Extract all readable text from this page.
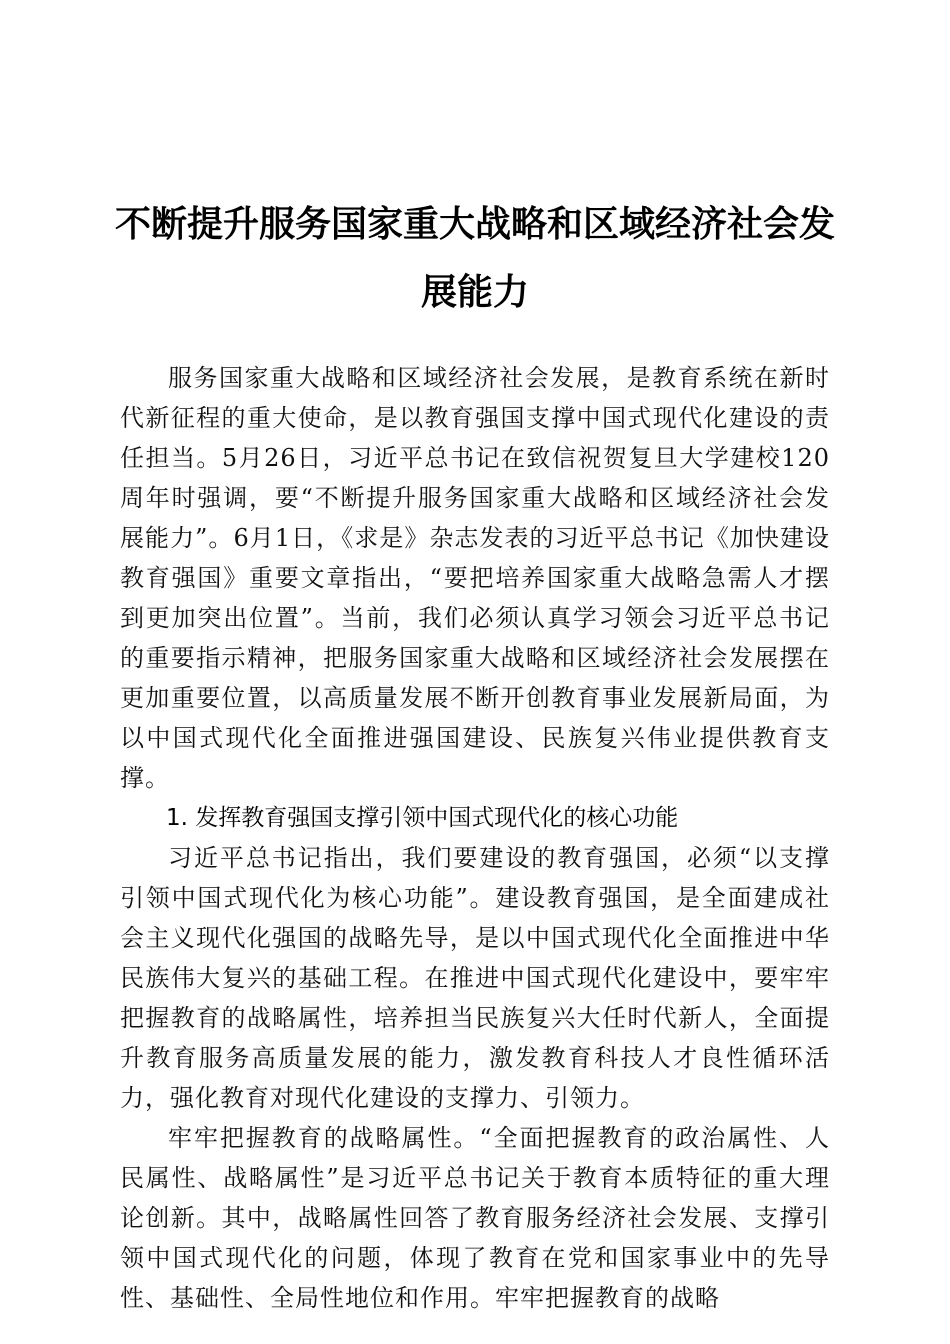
不断提升服务国家重大战略和区域经济社会发展能力

服务国家重大战略和区域经济社会发展，是教育系统在新时代新征程的重大使命，是以教育强国支撑中国式现代化建设的责任担当。5月26日，习近平总书记在致信祝贺复旦大学建校120周年时强调，要“不断提升服务国家重大战略和区域经济社会发展能力”。6月1日，《求是》杂志发表的习近平总书记《加快建设教育强国》重要文章指出，“要把培养国家重大战略急需人才摆到更加突出位置”。当前，我们必须认真学习领会习近平总书记的重要指示精神，把服务国家重大战略和区域经济社会发展摆在更加重要位置，以高质量发展不断开创教育事业发展新局面，为以中国式现代化全面推进强国建设、民族复兴伟业提供教育支撑。

1. 发挥教育强国支撑引领中国式现代化的核心功能

习近平总书记指出，我们要建设的教育强国，必须“以支撑引领中国式现代化为核心功能”。建设教育强国，是全面建成社会主义现代化强国的战略先导，是以中国式现代化全面推进中华民族伟大复兴的基础工程。在推进中国式现代化建设中，要牢牢把握教育的战略属性，培养担当民族复兴大任时代新人，全面提升教育服务高质量发展的能力，激发教育科技人才良性循环活力，强化教育对现代化建设的支撑力、引领力。

牢牢把握教育的战略属性。“全面把握教育的政治属性、人民属性、战略属性”是习近平总书记关于教育本质特征的重大理论创新。其中，战略属性回答了教育服务经济社会发展、支撑引领中国式现代化的问题，体现了教育在党和国家事业中的先导性、基础性、全局性地位和作用。牢牢把握教育的战略
